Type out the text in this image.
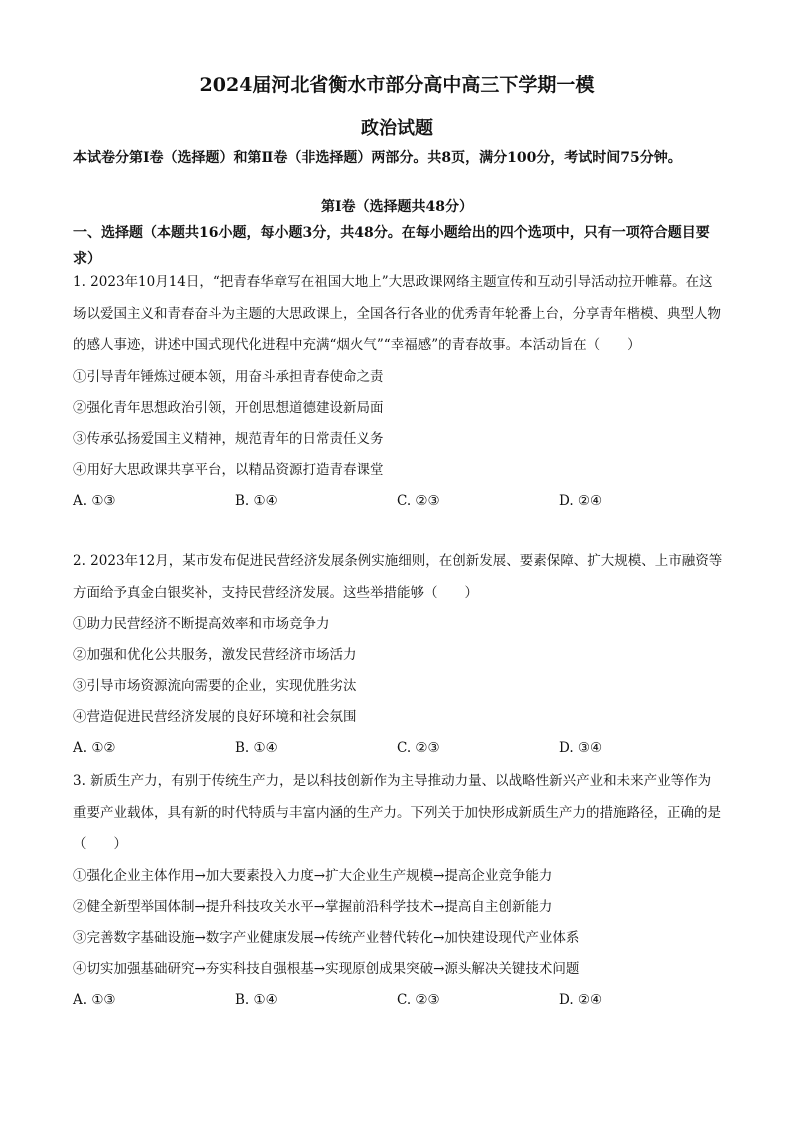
2024届河北省衡水市部分高中高三下学期一模
政治试题
本试卷分第Ⅰ卷（选择题）和第Ⅱ卷（非选择题）两部分。共8页，满分100分，考试时间75分钟。
第Ⅰ卷（选择题共48分）
一、选择题（本题共16小题，每小题3分，共48分。在每小题给出的四个选项中，只有一项符合题目要求）

1. 2023年10月14日，“把青春华章写在祖国大地上”大思政课网络主题宣传和互动引导活动拉开帷幕。在这场以爱国主义和青春奋斗为主题的大思政课上，全国各行各业的优秀青年轮番上台，分享青年楷模、典型人物的感人事迹，讲述中国式现代化进程中充满“烟火气”“幸福感”的青春故事。本活动旨在（　　）

①引导青年锤炼过硬本领，用奋斗承担青春使命之责

②强化青年思想政治引领，开创思想道德建设新局面

③传承弘扬爱国主义精神，规范青年的日常责任义务

④用好大思政课共享平台，以精品资源打造青春课堂

A. ①③	B. ①④	C. ②③	D. ②④

2. 2023年12月，某市发布促进民营经济发展条例实施细则，在创新发展、要素保障、扩大规模、上市融资等方面给予真金白银奖补，支持民营经济发展。这些举措能够（　　）

①助力民营经济不断提高效率和市场竞争力

②加强和优化公共服务，激发民营经济市场活力

③引导市场资源流向需要的企业，实现优胜劣汰

④营造促进民营经济发展的良好环境和社会氛围

A. ①②	B. ①④	C. ②③	D. ③④

3. 新质生产力，有别于传统生产力，是以科技创新作为主导推动力量、以战略性新兴产业和未来产业等作为重要产业载体，具有新的时代特质与丰富内涵的生产力。下列关于加快形成新质生产力的措施路径，正确的是（　　）

①强化企业主体作用→加大要素投入力度→扩大企业生产规模→提高企业竞争能力

②健全新型举国体制→提升科技攻关水平→掌握前沿科学技术→提高自主创新能力

③完善数字基础设施→数字产业健康发展→传统产业替代转化→加快建设现代产业体系

④切实加强基础研究→夯实科技自强根基→实现原创成果突破→源头解决关键技术问题

A. ①③	B. ①④	C. ②③	D. ②④
